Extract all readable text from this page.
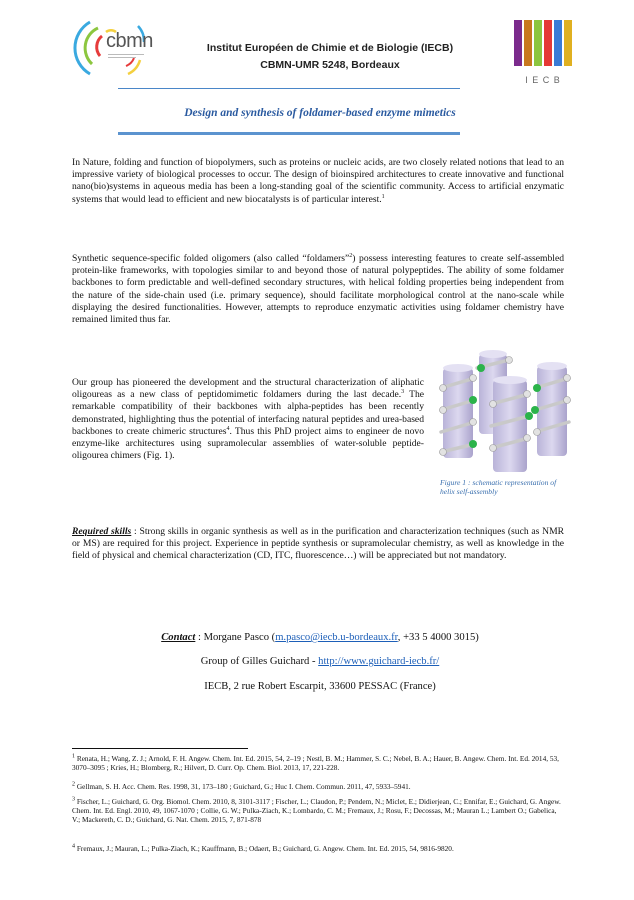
cbmn
I E C B
Institut Européen de Chimie et de Biologie (IECB)
CBMN-UMR 5248, Bordeaux
Design and synthesis of foldamer-based enzyme mimetics
In Nature, folding and function of biopolymers, such as proteins or nucleic acids, are two closely related notions that lead to an impressive variety of biological processes to occur. The design of bioinspired architectures to create innovative and functional nano(bio)systems in aqueous media has been a long-standing goal of the scientific community. Access to artificial enzymatic systems that would lead to efficient and new biocatalysts is of particular interest.$^1$
Synthetic sequence-specific folded oligomers (also called “foldamers”$^2$) possess interesting features to create self-assembled protein-like frameworks, with topologies similar to and beyond those of natural polypeptides. The ability of some foldamer backbones to form predictable and well-defined secondary structures, with helical folding properties being independent from the nature of the side-chain used (i.e. primary sequence), should facilitate morphological control at the nano-scale while displaying the desired functionalities. However, attempts to reproduce enzymatic activities using foldamer chemistry have remained limited thus far.
Our group has pioneered the development and the structural characterization of aliphatic oligoureas as a new class of peptidomimetic foldamers during the last decade.$^3$ The remarkable compatibility of their backbones with alpha-peptides has been recently demonstrated, highlighting thus the potential of interfacing natural peptides and urea-based backbones to create chimeric structures$^4$. Thus this PhD project aims to engineer de novo enzyme-like architectures using supramolecular assemblies of water-soluble peptide-oligourea chimers (Fig. 1).
Figure 1 : schematic representation of helix self-assembly
Required skills : Strong skills in organic synthesis as well as in the purification and characterization techniques (such as NMR or MS) are required for this project. Experience in peptide synthesis or supramolecular chemistry, as well as knowledge in the field of physical and chemical characterization (CD, ITC, fluorescence…) will be appreciated but not mandatory.
Contact : Morgane Pasco (m.pasco@iecb.u-bordeaux.fr, +33 5 4000 3015)
Group of Gilles Guichard - http://www.guichard-iecb.fr/
IECB, 2 rue Robert Escarpit, 33600 PESSAC (France)
$^1$ Renata, H.; Wang, Z. J.; Arnold, F. H. Angew. Chem. Int. Ed. 2015, 54, 2–19 ; Nestl, B. M.; Hammer, S. C.; Nebel, B. A.; Hauer, B. Angew. Chem. Int. Ed. 2014, 53, 3070–3095 ; Kries, H.; Blomberg, R.; Hilvert, D. Curr. Op. Chem. Biol. 2013, 17, 221-228.
$^2$ Gellman, S. H. Acc. Chem. Res. 1998, 31, 173–180 ; Guichard, G.; Huc I. Chem. Commun. 2011, 47, 5933–5941.
$^3$ Fischer, L.; Guichard, G. Org. Biomol. Chem. 2010, 8, 3101-3117 ; Fischer, L.; Claudon, P.; Pendem, N.; Miclet, E.; Didierjean, C.; Ennifar, E.; Guichard, G. Angew. Chem. Int. Ed. Engl. 2010, 49, 1067-1070 ; Collie, G. W.; Pulka-Ziach, K.; Lombardo, C. M.; Fremaux, J.; Rosu, F.; Decossas, M.; Mauran L.; Lambert O.; Gabelica, V.; Mackereth, C. D.; Guichard, G. Nat. Chem. 2015, 7, 871-878
$^4$ Fremaux, J.; Mauran, L.; Pulka-Ziach, K.; Kauffmann, B.; Odaert, B.; Guichard, G. Angew. Chem. Int. Ed. 2015, 54, 9816-9820.
